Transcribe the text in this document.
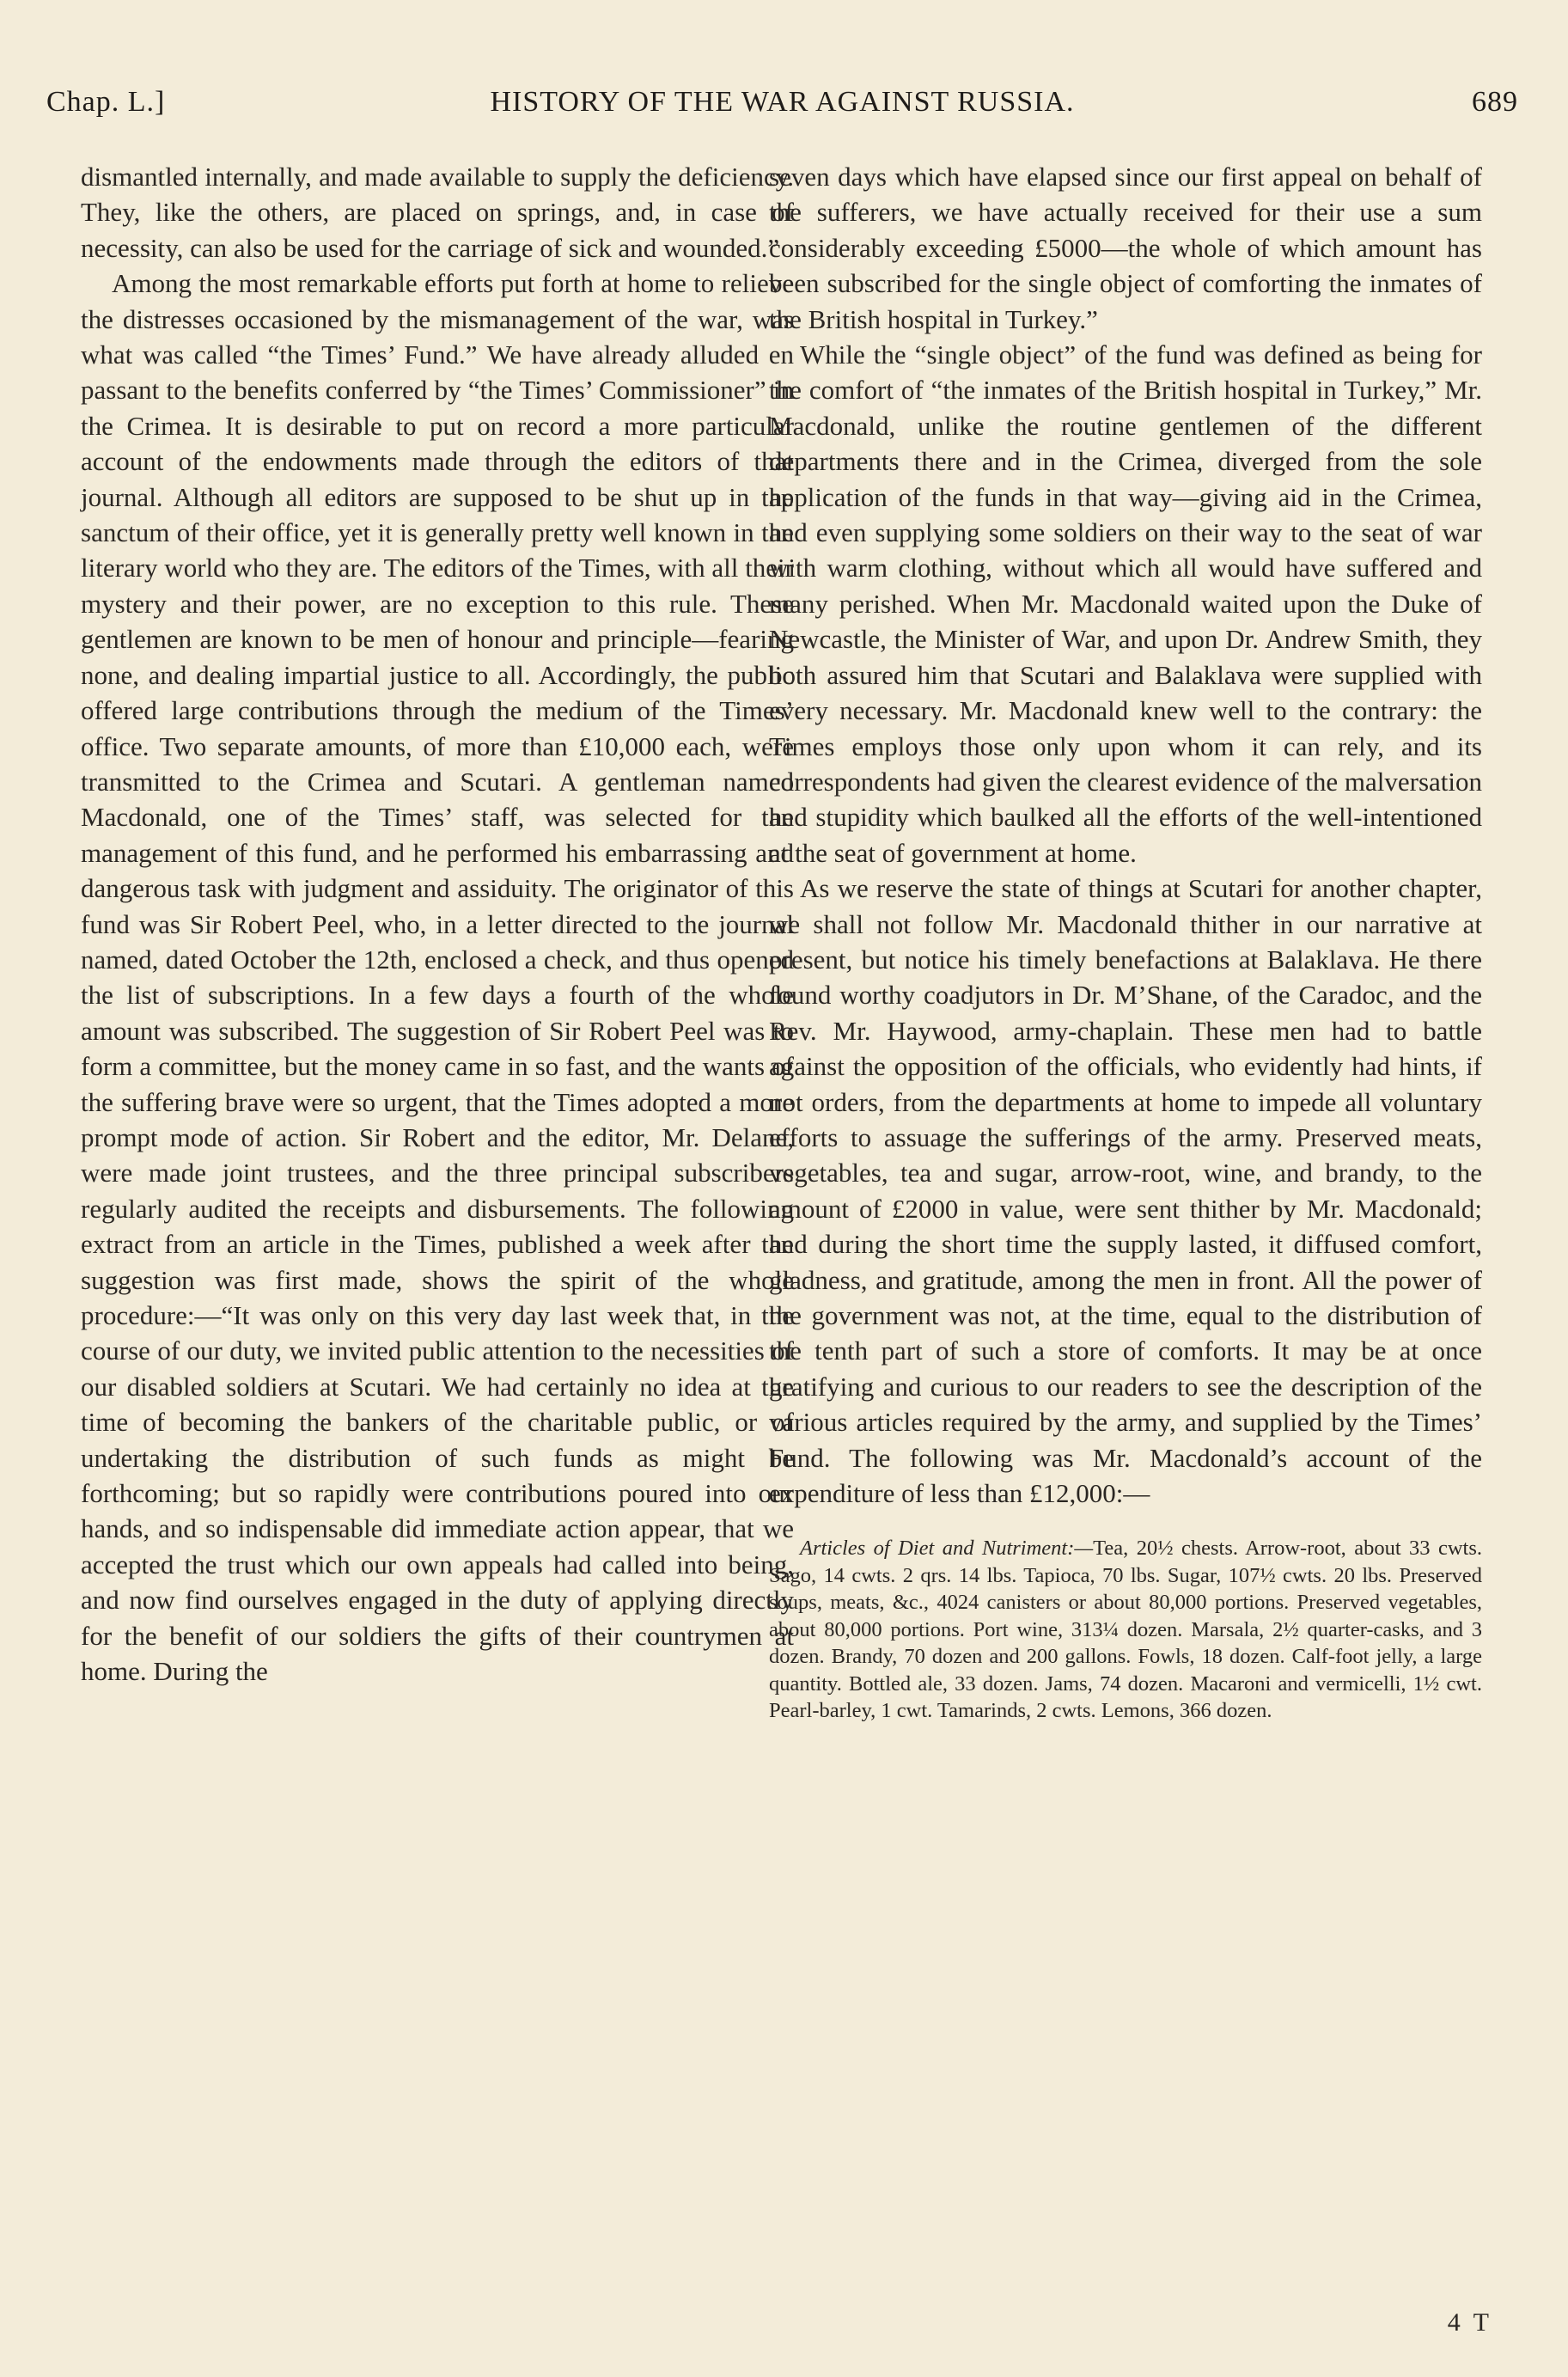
Chap. L.]	HISTORY OF THE WAR AGAINST RUSSIA.	689

dismantled internally, and made available to supply the deficiency. They, like the others, are placed on springs, and, in case of necessity, can also be used for the carriage of sick and wounded.”

Among the most remarkable efforts put forth at home to relieve the distresses occasioned by the mismanagement of the war, was what was called “the Times’ Fund.” We have already alluded en passant to the benefits conferred by “the Times’ Commissioner” in the Crimea. It is desirable to put on record a more particular account of the endowments made through the editors of that journal. Although all editors are supposed to be shut up in the sanctum of their office, yet it is generally pretty well known in the literary world who they are. The editors of the Times, with all their mystery and their power, are no exception to this rule. These gentlemen are known to be men of honour and principle—fearing none, and dealing impartial justice to all. Accordingly, the public offered large contributions through the medium of the Times’ office. Two separate amounts, of more than £10,000 each, were transmitted to the Crimea and Scutari. A gentleman named Macdonald, one of the Times’ staff, was selected for the management of this fund, and he performed his embarrassing and dangerous task with judgment and assiduity. The originator of this fund was Sir Robert Peel, who, in a letter directed to the journal named, dated October the 12th, enclosed a check, and thus opened the list of subscriptions. In a few days a fourth of the whole amount was subscribed. The suggestion of Sir Robert Peel was to form a committee, but the money came in so fast, and the wants of the suffering brave were so urgent, that the Times adopted a more prompt mode of action. Sir Robert and the editor, Mr. Delane, were made joint trustees, and the three principal subscribers regularly audited the receipts and disbursements. The following extract from an article in the Times, published a week after the suggestion was first made, shows the spirit of the whole procedure:—“It was only on this very day last week that, in the course of our duty, we invited public attention to the necessities of our disabled soldiers at Scutari. We had certainly no idea at the time of becoming the bankers of the charitable public, or of undertaking the distribution of such funds as might be forthcoming; but so rapidly were contributions poured into our hands, and so indispensable did immediate action appear, that we accepted the trust which our own appeals had called into being, and now find ourselves engaged in the duty of applying directly for the benefit of our soldiers the gifts of their countrymen at home. During the

seven days which have elapsed since our first appeal on behalf of the sufferers, we have actually received for their use a sum considerably exceeding £5000—the whole of which amount has been subscribed for the single object of comforting the inmates of the British hospital in Turkey.”

While the “single object” of the fund was defined as being for the comfort of “the inmates of the British hospital in Turkey,” Mr. Macdonald, unlike the routine gentlemen of the different departments there and in the Crimea, diverged from the sole application of the funds in that way—giving aid in the Crimea, and even supplying some soldiers on their way to the seat of war with warm clothing, without which all would have suffered and many perished. When Mr. Macdonald waited upon the Duke of Newcastle, the Minister of War, and upon Dr. Andrew Smith, they both assured him that Scutari and Balaklava were supplied with every necessary. Mr. Macdonald knew well to the contrary: the Times employs those only upon whom it can rely, and its correspondents had given the clearest evidence of the malversation and stupidity which baulked all the efforts of the well-intentioned at the seat of government at home.

As we reserve the state of things at Scutari for another chapter, we shall not follow Mr. Macdonald thither in our narrative at present, but notice his timely benefactions at Balaklava. He there found worthy coadjutors in Dr. M’Shane, of the Caradoc, and the Rev. Mr. Haywood, army-chaplain. These men had to battle against the opposition of the officials, who evidently had hints, if not orders, from the departments at home to impede all voluntary efforts to assuage the sufferings of the army. Preserved meats, vegetables, tea and sugar, arrow-root, wine, and brandy, to the amount of £2000 in value, were sent thither by Mr. Macdonald; and during the short time the supply lasted, it diffused comfort, gladness, and gratitude, among the men in front. All the power of the government was not, at the time, equal to the distribution of the tenth part of such a store of comforts. It may be at once gratifying and curious to our readers to see the description of the various articles required by the army, and supplied by the Times’ Fund. The following was Mr. Macdonald’s account of the expenditure of less than £12,000:—

Articles of Diet and Nutriment:—Tea, 20½ chests. Arrow-root, about 33 cwts. Sago, 14 cwts. 2 qrs. 14 lbs. Tapioca, 70 lbs. Sugar, 107½ cwts. 20 lbs. Preserved soups, meats, &c., 4024 canisters or about 80,000 portions. Preserved vegetables, about 80,000 portions. Port wine, 313¼ dozen. Marsala, 2½ quarter-casks, and 3 dozen. Brandy, 70 dozen and 200 gallons. Fowls, 18 dozen. Calf-foot jelly, a large quantity. Bottled ale, 33 dozen. Jams, 74 dozen. Macaroni and vermicelli, 1½ cwt. Pearl-barley, 1 cwt. Tamarinds, 2 cwts. Lemons, 366 dozen.

4 T
